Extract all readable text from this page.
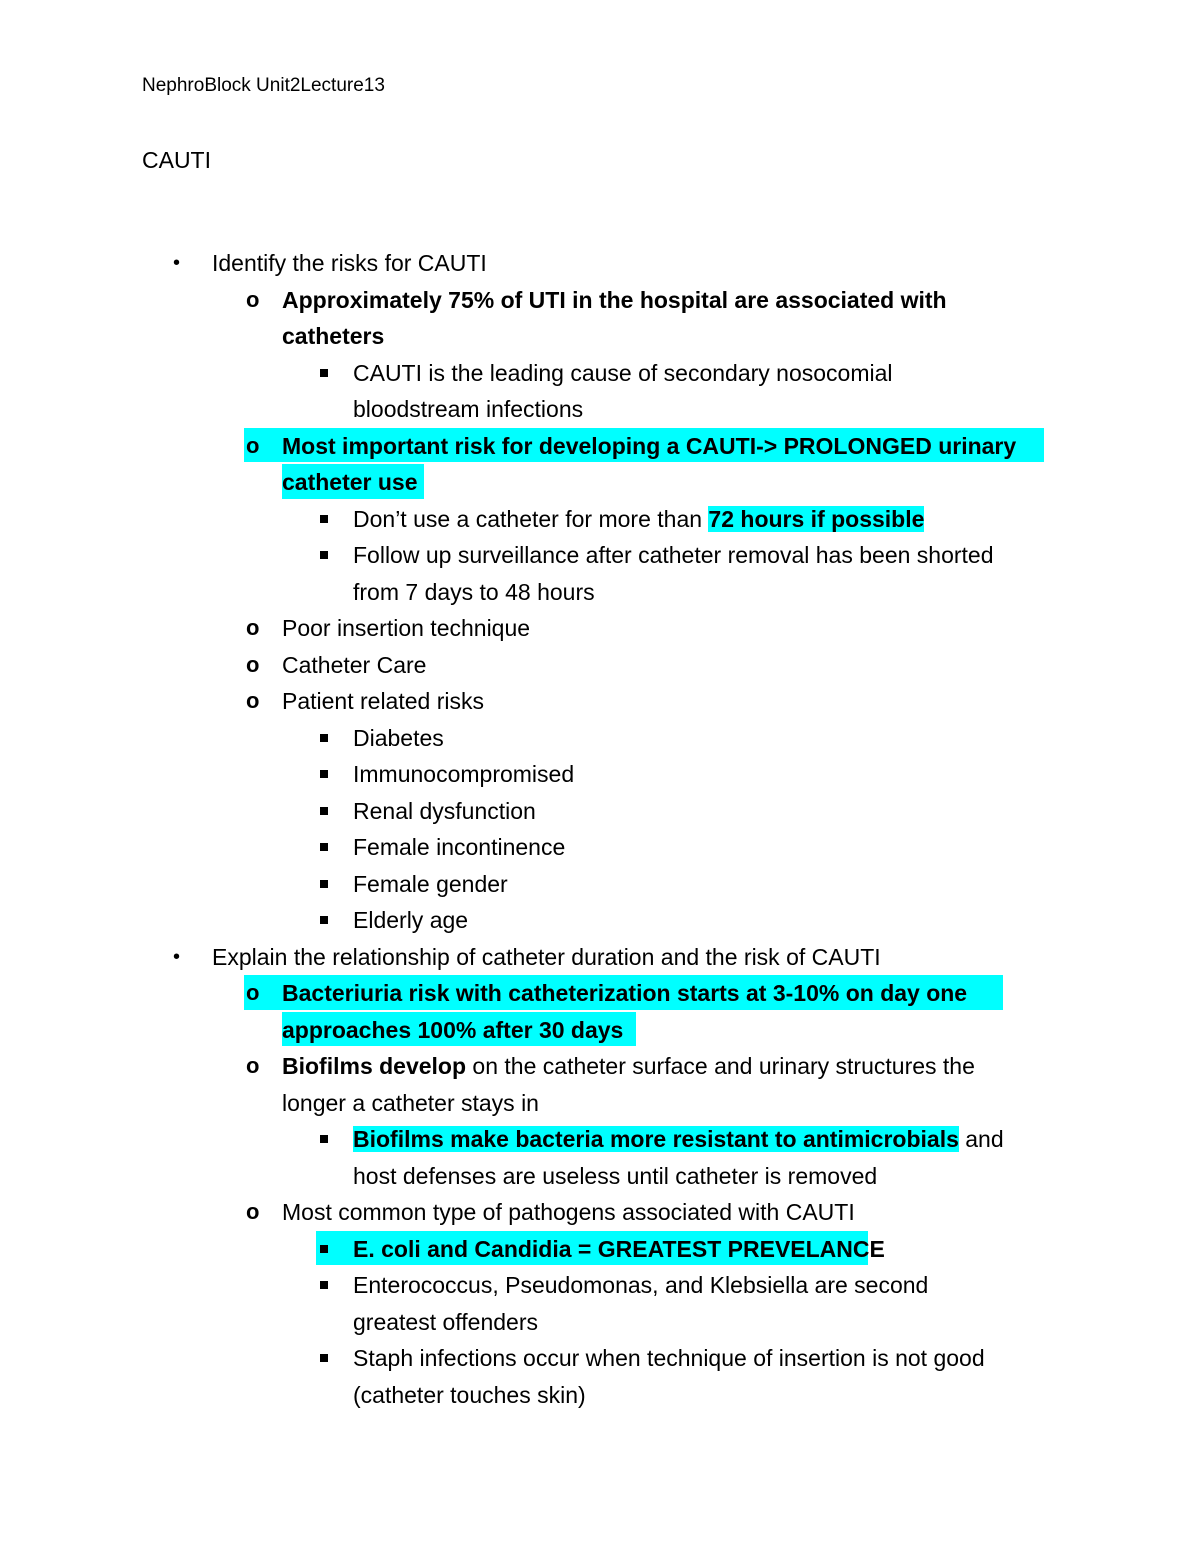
NephroBlock Unit2Lecture13
CAUTI
• Identify the risks for CAUTI
o Approximately 75% of UTI in the hospital are associated with
catheters
CAUTI is the leading cause of secondary nosocomial
bloodstream infections
o Most important risk for developing a CAUTI-> PROLONGED urinary
catheter use
Don’t use a catheter for more than 72 hours if possible
Follow up surveillance after catheter removal has been shorted
from 7 days to 48 hours
o Poor insertion technique
o Catheter Care
o Patient related risks
Diabetes
Immunocompromised
Renal dysfunction
Female incontinence
Female gender
Elderly age
• Explain the relationship of catheter duration and the risk of CAUTI
o Bacteriuria risk with catheterization starts at 3-10% on day one
approaches 100% after 30 days
o Biofilms develop on the catheter surface and urinary structures the
longer a catheter stays in
Biofilms make bacteria more resistant to antimicrobials and
host defenses are useless until catheter is removed
o Most common type of pathogens associated with CAUTI
E. coli and Candidia = GREATEST PREVELANCE
Enterococcus, Pseudomonas, and Klebsiella are second
greatest offenders
Staph infections occur when technique of insertion is not good
(catheter touches skin)
